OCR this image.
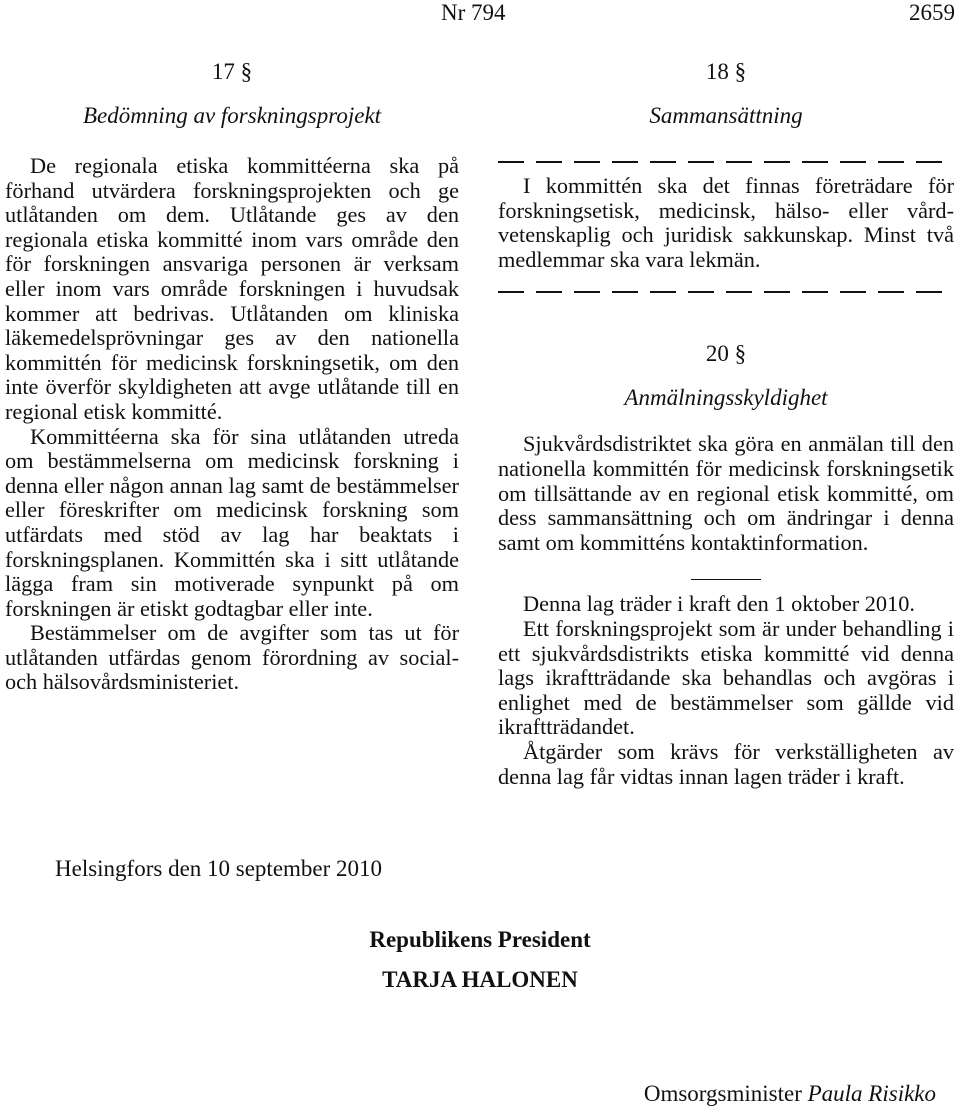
Nr 794	2659

17 §

Bedömning av forskningsprojekt

De regionala etiska kommittéerna ska på förhand utvärdera forskningsprojekten och ge utlåtanden om dem. Utlåtande ges av den regionala etiska kommitté inom vars område den för forskningen ansvariga personen är verksam eller inom vars område forskningen i huvudsak kommer att bedrivas. Utlåtanden om kliniska läkemedelsprövningar ges av den nationella kommittén för medicinsk forskningsetik, om den inte överför skyldigheten att avge utlåtande till en regional etisk kommitté.

Kommittéerna ska för sina utlåtanden utreda om bestämmelserna om medicinsk forskning i denna eller någon annan lag samt de bestämmelser eller föreskrifter om medicinsk forskning som utfärdats med stöd av lag har beaktats i forskningsplanen. Kommittén ska i sitt utlåtande lägga fram sin motiverade synpunkt på om forskningen är etiskt godtagbar eller inte.

Bestämmelser om de avgifter som tas ut för utlåtanden utfärdas genom förordning av social- och hälsovårdsministeriet.

18 §

Sammansättning

I kommittén ska det finnas företrädare för forskningsetisk, medicinsk, hälso- eller vårdvetenskaplig och juridisk sakkunskap. Minst två medlemmar ska vara lekmän.

20 §

Anmälningsskyldighet

Sjukvårdsdistriktet ska göra en anmälan till den nationella kommittén för medicinsk forskningsetik om tillsättande av en regional etisk kommitté, om dess sammansättning och om ändringar i denna samt om kommitténs kontaktinformation.

Denna lag träder i kraft den 1 oktober 2010.

Ett forskningsprojekt som är under behandling i ett sjukvårdsdistrikts etiska kommitté vid denna lags ikraftträdande ska behandlas och avgöras i enlighet med de bestämmelser som gällde vid ikraftträdandet.

Åtgärder som krävs för verkställigheten av denna lag får vidtas innan lagen träder i kraft.

Helsingfors den 10 september 2010

Republikens President

TARJA HALONEN

Omsorgsminister Paula Risikko
